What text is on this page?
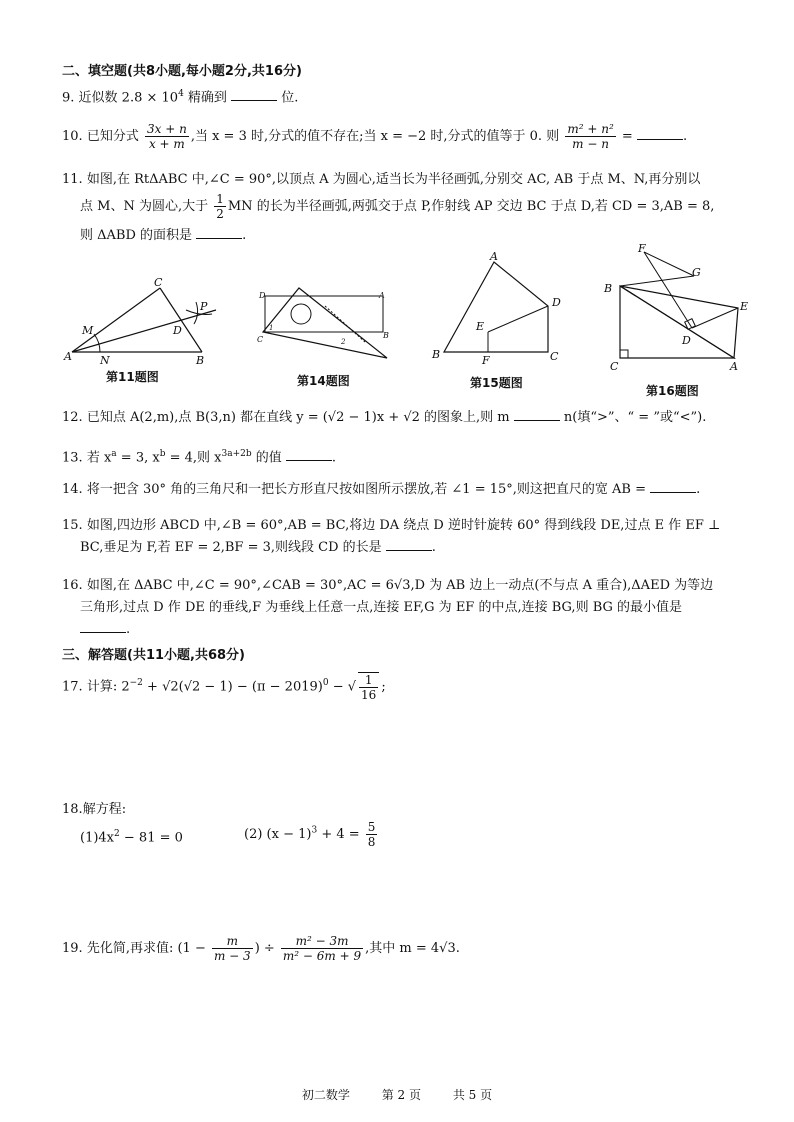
二、填空题(共8小题,每小题2分,共16分)
9. 近似数 $2.8 \times 10^4$ 精确到	位.
10. 已知分式 $\frac{3x + n}{x + m}$ ,当 x = 3 时,分式的值不存在;当 x = −2 时,分式的值等于 0. 则 $\frac{\text{m² + n²}}{m - n}$ =	.
11. 如图,在 RtΔABC 中,∠C = 90°,以顶点 A 为圆心,适当长为半径画弧,分别交 AC, AB 于点 M、N,再分别以
点 M、N 为圆心,大于 $\frac{1}{2}$ MN 的长为半径画弧,两弧交于点 P,作射线 AP 交边 BC 于点 D,若 CD = 3,AB = 8,
则 ΔABD 的面积是	.
C
M
P
D
A	N	B
第11题图
D	A
C	B
1
2
第14题图
A
D
E
B	F	C
第15题图
F
G
B
E
D
C	A
第16题图
12. 已知点 A(2,m),点 B(3,n) 都在直线 y = (√2 − 1)x + √2 的图象上,则 m	n(填“>”、“ = ”或“<”).
13. 若 $x^a = 3$, $x^b = 4$,则 $x^{3a+2b}$ 的值	.
14. 将一把含 30° 角的三角尺和一把长方形直尺按如图所示摆放,若 ∠1 = 15°,则这把直尺的宽 AB =	.
15. 如图,四边形 ABCD 中,∠B = 60°,AB = BC,将边 DA 绕点 D 逆时针旋转 60° 得到线段 DE,过点 E 作 EF ⊥
BC,垂足为 F,若 EF = 2,BF = 3,则线段 CD 的长是	.
16. 如图,在 ΔABC 中,∠C = 90°,∠CAB = 30°,AC = 6√3,D 为 AB 边上一动点(不与点 A 重合),ΔAED 为等边
三角形,过点 D 作 DE 的垂线,F 为垂线上任意一点,连接 EF,G 为 EF 的中点,连接 BG,则 BG 的最小值是
.
三、解答题(共11小题,共68分)
17. 计算: $2^{-2} + √2(√2 - 1) - (\pi - 2019)^0$ − √ $\frac{1}{16}$ ;
18.解方程:
$(1)4x^2 - 81 = 0$	(2) $(x - 1)^3 + 4 = \frac{5}{8}$
19. 先化简,再求值: ($1 - \frac{m}{m - 3}$ ) ÷ $\frac{\text{m² − 3m}}{\text{m² − 6m + 9}}$ ,其中 m = 4√3.
初二数学	第 2 页	共 5 页
